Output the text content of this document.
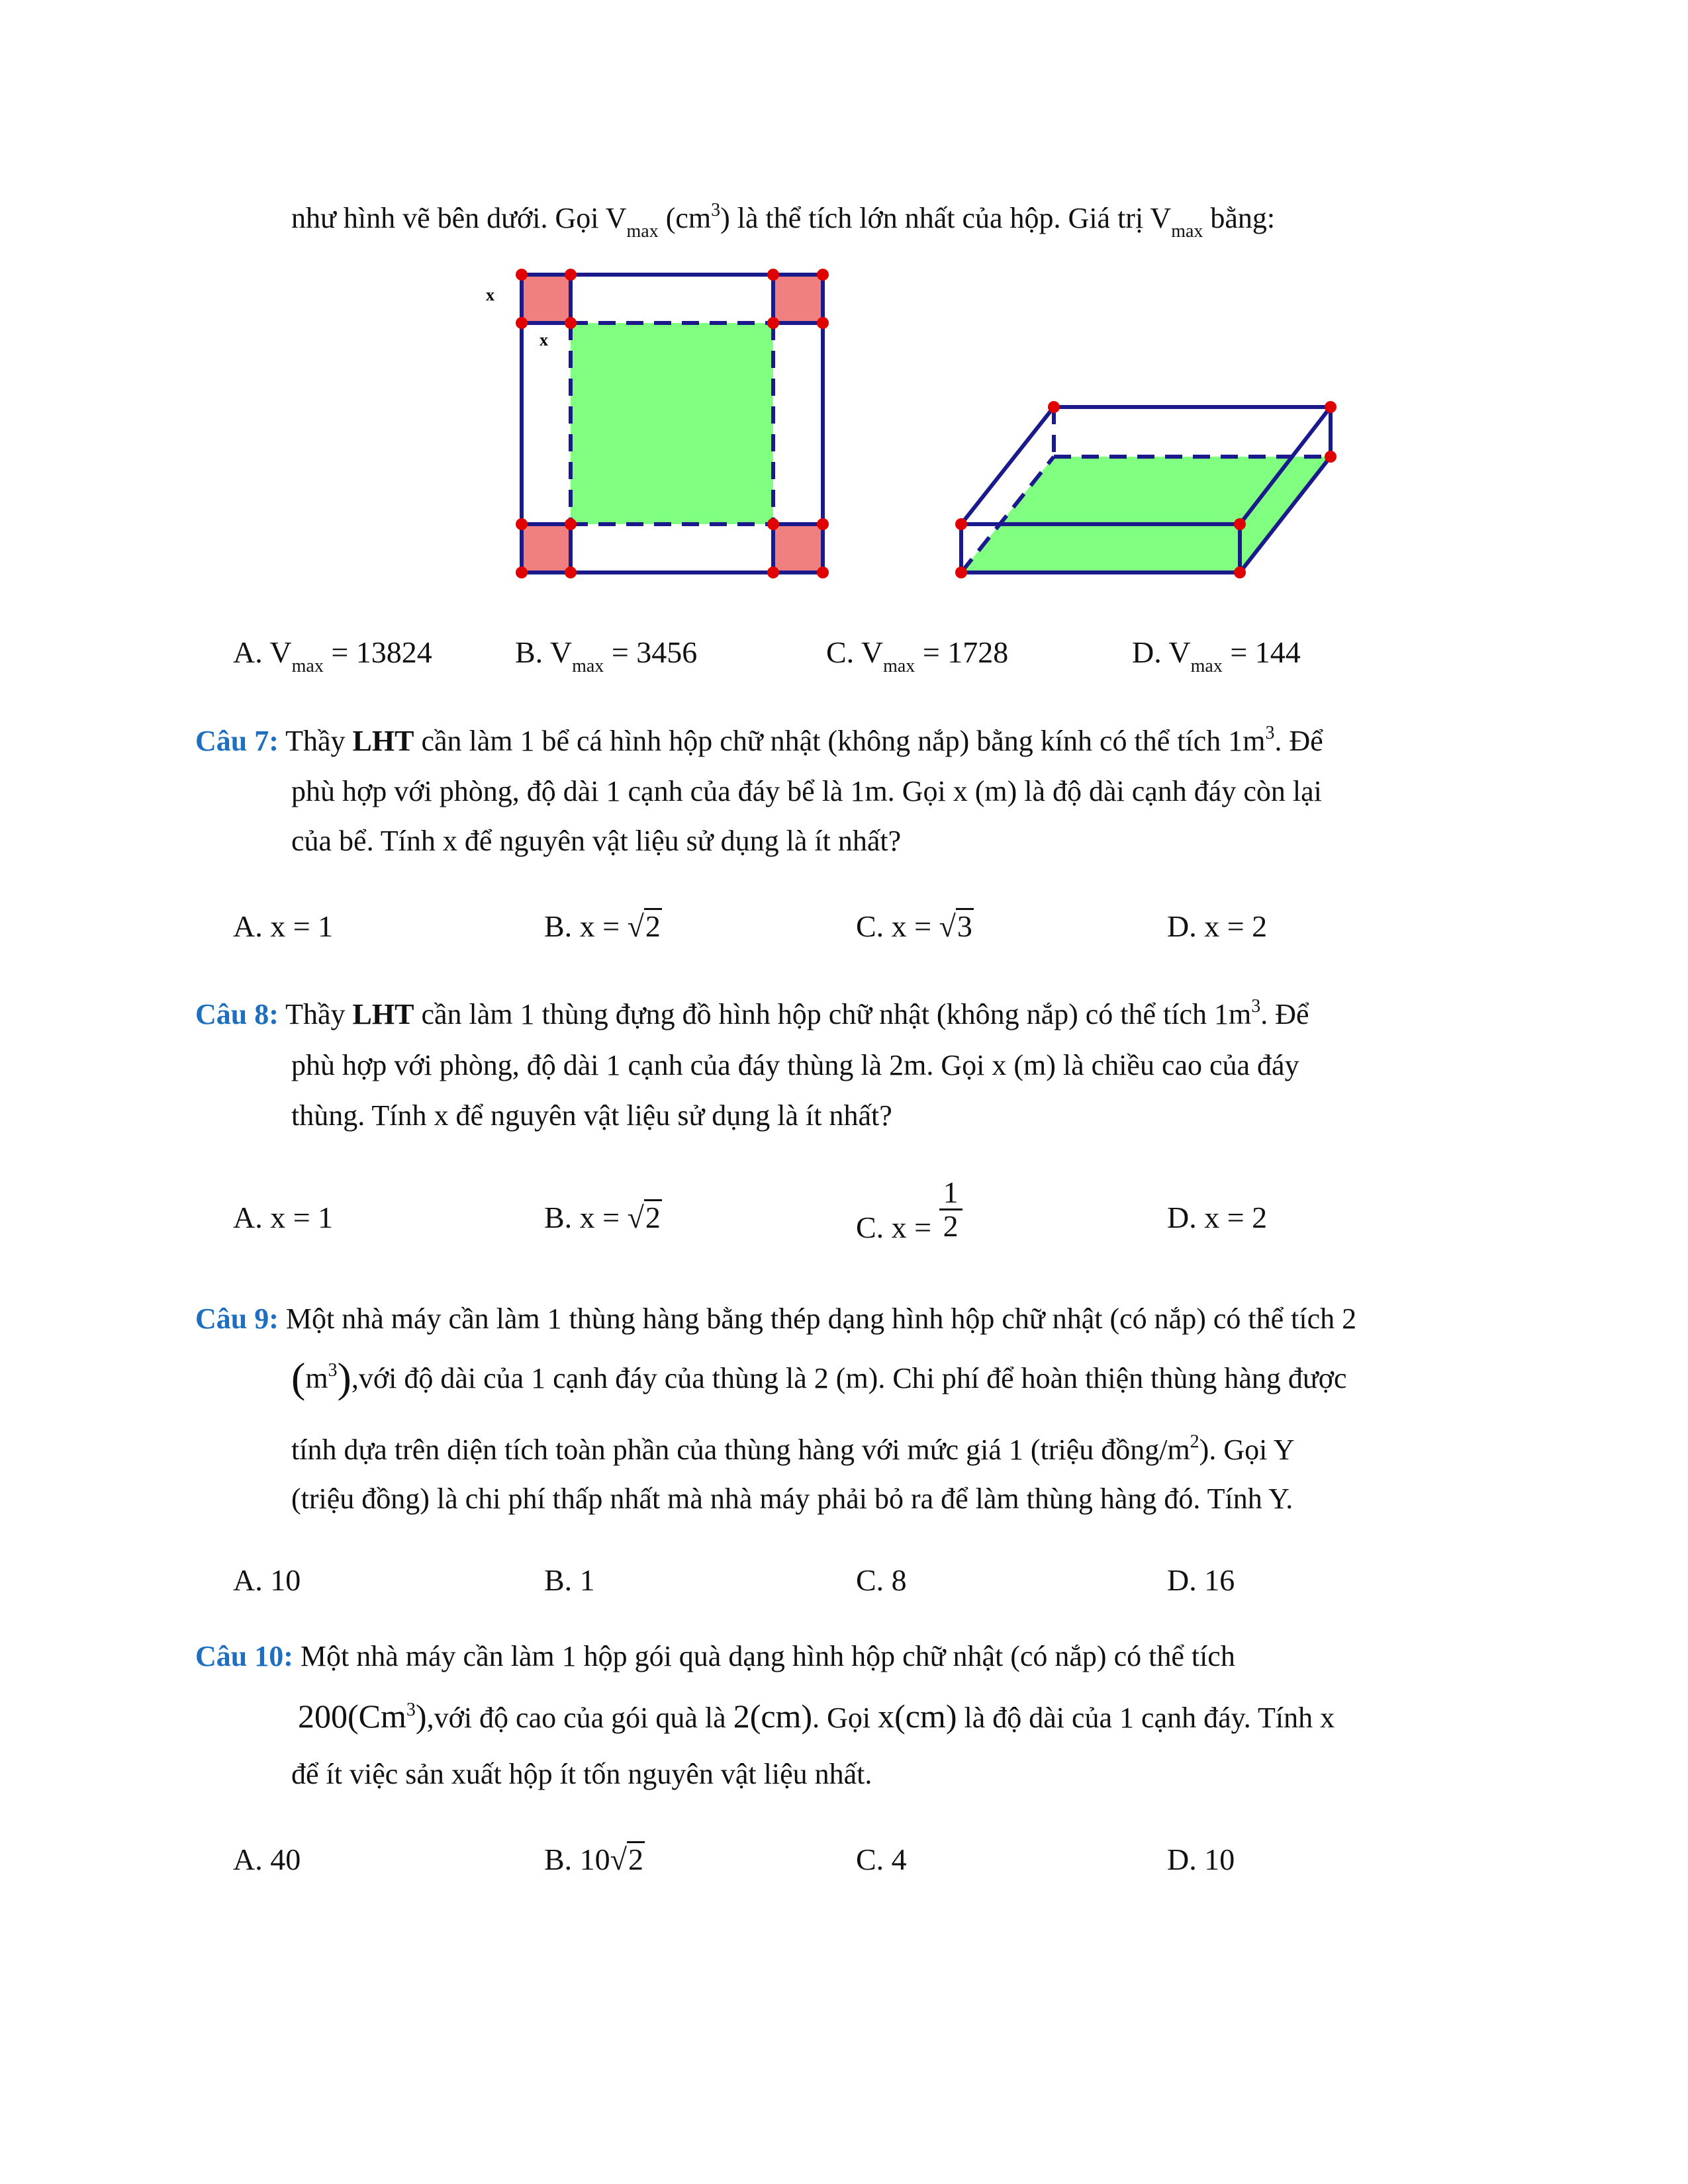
như hình vẽ bên dưới. Gọi $V_{max}$ $(cm^3)$ là thể tích lớn nhất của hộp. Giá trị $V_{max}$ bằng:
x
x
A. $V_{max} = 13824$	B. $V_{max} = 3456$	C. $V_{max} = 1728$	D. $V_{max} = 144$
Câu 7: Thầy LHT cần làm 1 bể cá hình hộp chữ nhật (không nắp) bằng kính có thể tích $1m^3$. Để
phù hợp với phòng, độ dài 1 cạnh của đáy bể là 1m. Gọi x (m) là độ dài cạnh đáy còn lại
của bể. Tính x để nguyên vật liệu sử dụng là ít nhất?
A. x = 1	B. x = √2	C. x = √3	D. x = 2
Câu 8: Thầy LHT cần làm 1 thùng đựng đồ hình hộp chữ nhật (không nắp) có thể tích $1m^3$. Để
phù hợp với phòng, độ dài 1 cạnh của đáy thùng là 2m. Gọi x (m) là chiều cao của đáy
thùng. Tính x để nguyên vật liệu sử dụng là ít nhất?
A. x = 1	B. x = √2	C. $x = \frac{1}{2}$	D. x = 2
Câu 9: Một nhà máy cần làm 1 thùng hàng bằng thép dạng hình hộp chữ nhật (có nắp) có thể tích 2
$(m^3),với$ độ dài của 1 cạnh đáy của thùng là 2 (m). Chi phí để hoàn thiện thùng hàng được
tính dựa trên diện tích toàn phần của thùng hàng với mức giá 1 (triệu đồng/$m^2$). Gọi Y
(triệu đồng) là chi phí thấp nhất mà nhà máy phải bỏ ra để làm thùng hàng đó. Tính Y.
A. 10	B. 1	C. 8	D. 16
Câu 10: Một nhà máy cần làm 1 hộp gói quà dạng hình hộp chữ nhật (có nắp) có thể tích
200(Cm$^3$),với độ cao của gói quà là 2(cm). Gọi x(cm) là độ dài của 1 cạnh đáy. Tính x
để ít việc sản xuất hộp ít tốn nguyên vật liệu nhất.
A. 40	B. 10√2	C. 4	D. 10
